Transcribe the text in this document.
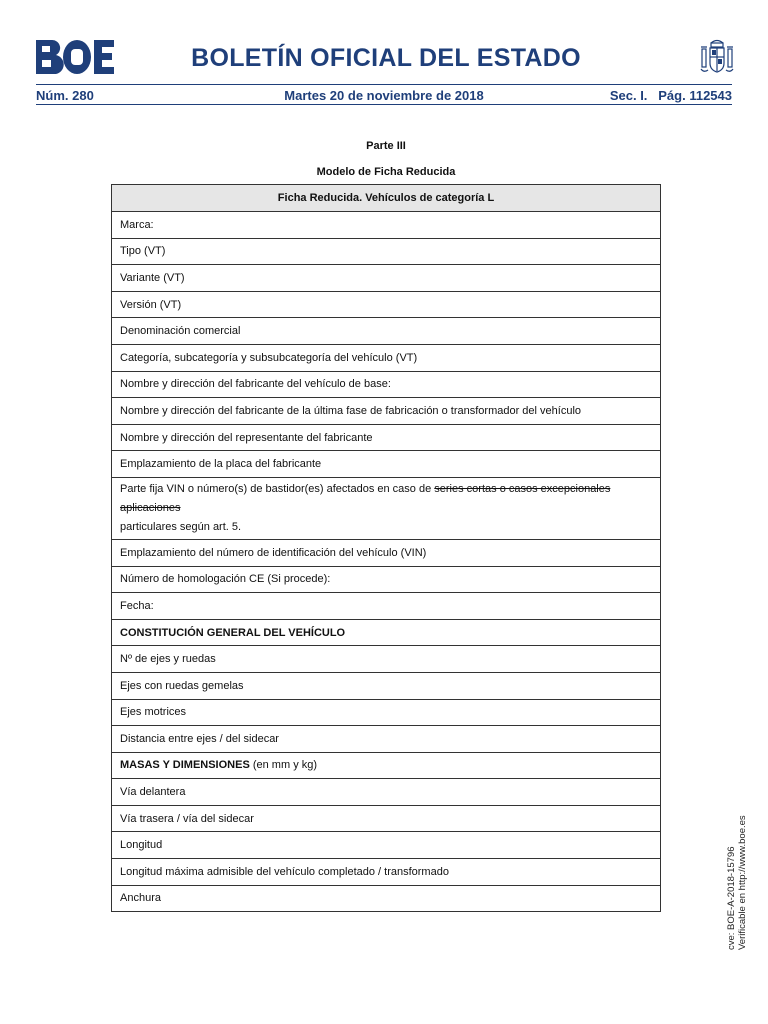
BOLETÍN OFICIAL DEL ESTADO
Núm. 280	Martes 20 de noviembre de 2018	Sec. I.   Pág. 112543
Parte III
Modelo de Ficha Reducida
Ficha Reducida. Vehículos de categoría L
Marca:
Tipo (VT)
Variante (VT)
Versión (VT)
Denominación comercial
Categoría, subcategoría y subsubcategoría del vehículo (VT)
Nombre y dirección del fabricante del vehículo de base:
Nombre y dirección del fabricante de la última fase de fabricación o transformador del vehículo
Nombre y dirección del representante del fabricante
Emplazamiento de la placa del fabricante
Parte fija VIN o número(s) de bastidor(es) afectados en caso de series cortas o casos excepcionales aplicaciones
particulares según art. 5.
Emplazamiento del número de identificación del vehículo (VIN)
Número de homologación CE (Si procede):
Fecha:
CONSTITUCIÓN GENERAL DEL VEHÍCULO
Nº de ejes y ruedas
Ejes con ruedas gemelas
Ejes motrices
Distancia entre ejes / del sidecar
MASAS Y DIMENSIONES (en mm y kg)
Vía delantera
Vía trasera / vía del sidecar
Longitud
Longitud máxima admisible del vehículo completado / transformado
Anchura	cve: BOE-A-2018-15796 Verificable en http://www.boe.es
